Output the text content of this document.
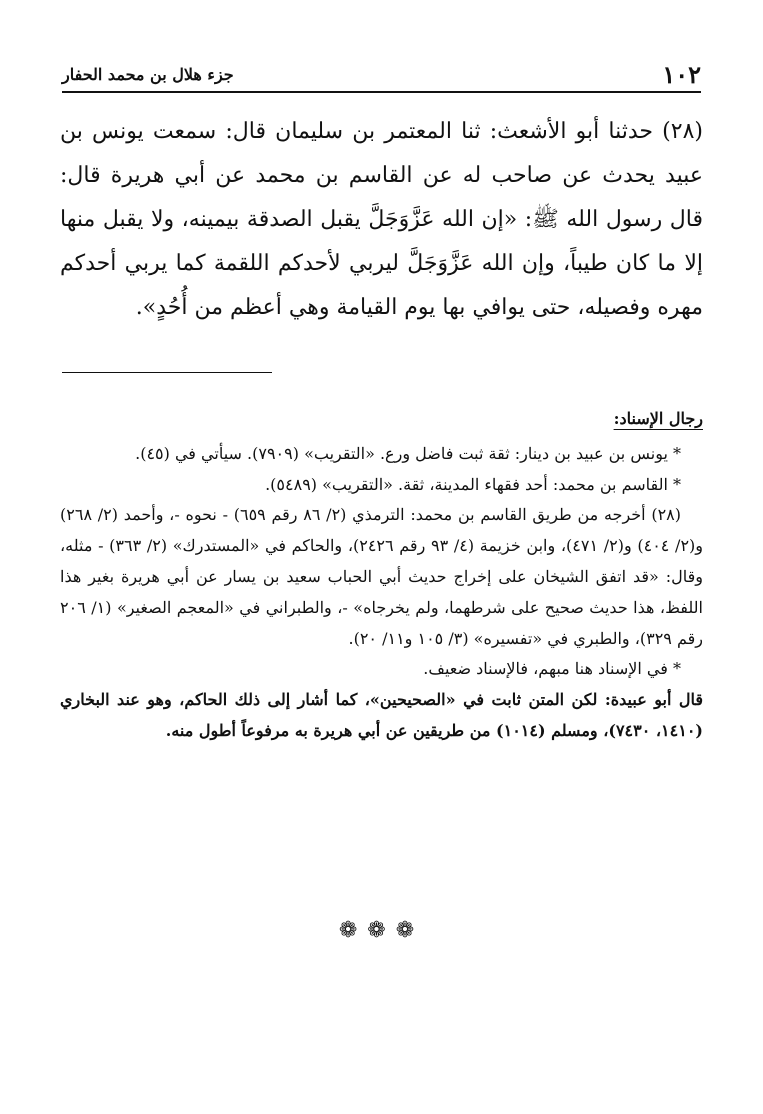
١٠٢
جزء هلال بن محمد الحفار

(٢٨) حدثنا أبو الأشعث: ثنا المعتمر بن سليمان قال: سمعت يونس بن عبيد يحدث عن صاحب له عن القاسم بن محمد عن أبي هريرة قال: قال رسول الله ﷺ: «إن الله عَزَّوَجَلَّ يقبل الصدقة بيمينه، ولا يقبل منها إلا ما كان طيباً، وإن الله عَزَّوَجَلَّ ليربي لأحدكم اللقمة كما يربي أحدكم مهره وفصيله، حتى يوافي بها يوم القيامة وهي أعظم من أُحُدٍ».

رجال الإسناد:

* يونس بن عبيد بن دينار: ثقة ثبت فاضل ورع. «التقريب» (٧٩٠٩). سيأتي في (٤٥).

* القاسم بن محمد: أحد فقهاء المدينة، ثقة. «التقريب» (٥٤٨٩).

(٢٨) أخرجه من طريق القاسم بن محمد: الترمذي (٢/ ٨٦ رقم ٦٥٩) - نحوه -، وأحمد (٢/ ٢٦٨) و(٢/ ٤٠٤) و(٢/ ٤٧١)، وابن خزيمة (٤/ ٩٣ رقم ٢٤٢٦)، والحاكم في «المستدرك» (٢/ ٣٦٣) - مثله، وقال: «قد اتفق الشيخان على إخراج حديث أبي الحباب سعيد بن يسار عن أبي هريرة بغير هذا اللفظ، هذا حديث صحيح على شرطهما، ولم يخرجاه» -، والطبراني في «المعجم الصغير» (١/ ٢٠٦ رقم ٣٢٩)، والطبري في «تفسيره» (٣/ ١٠٥ و١١/ ٢٠).

* في الإسناد هنا مبهم، فالإسناد ضعيف.

قال أبو عبيدة: لكن المتن ثابت في «الصحيحين»، كما أشار إلى ذلك الحاكم، وهو عند البخاري (١٤١٠، ٧٤٣٠)، ومسلم (١٠١٤) من طريقين عن أبي هريرة به مرفوعاً أطول منه.

❁❁❁
